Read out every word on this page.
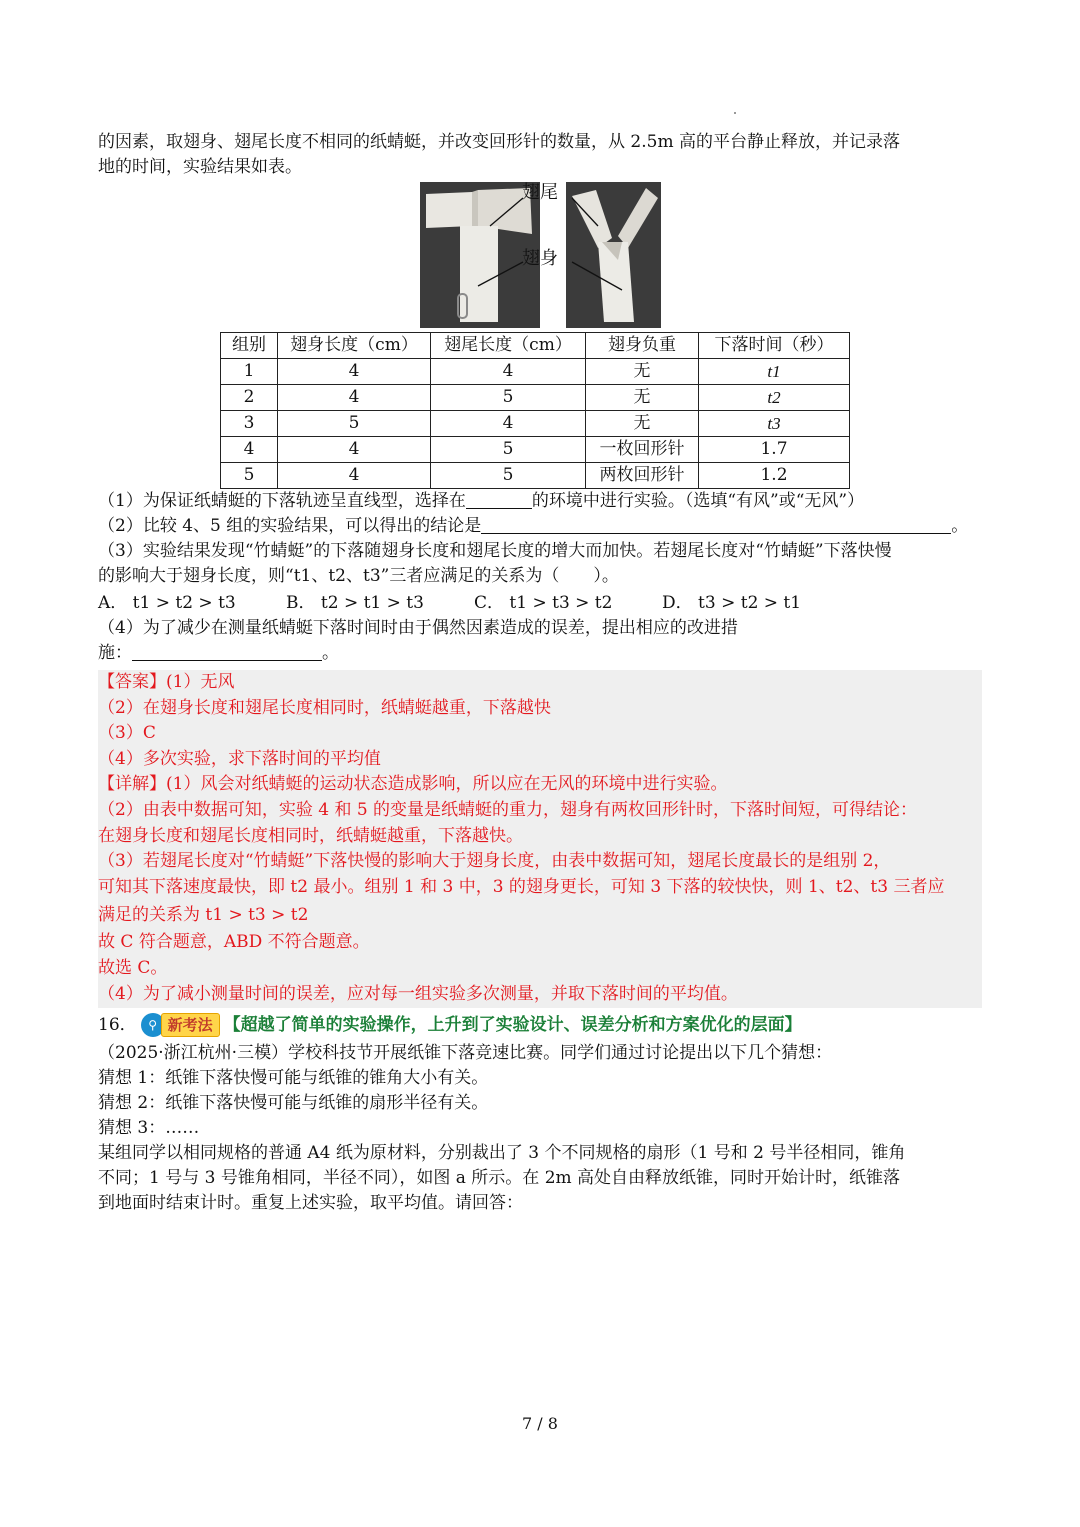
的因素，取翅身、翅尾长度不相同的纸蜻蜓，并改变回形针的数量，从 2.5m 高的平台静止释放，并记录落

地的时间，实验结果如表。

翅尾
翅身
组别	翅身长度（cm）	翅尾长度（cm）	翅身负重	下落时间（秒）
1	4	4	无	t1
2	4	5	无	t2
3	5	4	无	t3
4	4	5	一枚回形针	1.7
5	4	5	两枚回形针	1.2

（1）为保证纸蜻蜓的下落轨迹呈直线型，选择在	的环境中进行实验。（选填“有风”或“无风”）

（2）比较 4、5 组的实验结果，可以得出的结论是	。

（3）实验结果发现“竹蜻蜓”的下落随翅身长度和翅尾长度的增大而加快。若翅尾长度对“竹蜻蜓”下落快慢

的影响大于翅身长度，则“t1、t2、t3”三者应满足的关系为（　　）。

A． t1 > t2 > t3	B． t2 > t1 > t3	C． t1 > t3 > t2	D． t3 > t2 > t1

（4）为了减少在测量纸蜻蜓下落时间时由于偶然因素造成的误差，提出相应的改进措

施：	。

【答案】(1）无风

（2）在翅身长度和翅尾长度相同时，纸蜻蜓越重，下落越快

（3）C

（4）多次实验，求下落时间的平均值

【详解】(1）风会对纸蜻蜓的运动状态造成影响，所以应在无风的环境中进行实验。

（2）由表中数据可知，实验 4 和 5 的变量是纸蜻蜓的重力，翅身有两枚回形针时，下落时间短，可得结论：

在翅身长度和翅尾长度相同时，纸蜻蜓越重，下落越快。

（3）若翅尾长度对“竹蜻蜓”下落快慢的影响大于翅身长度，由表中数据可知，翅尾长度最长的是组别 2，

可知其下落速度最快，即 t2 最小。组别 1 和 3 中，3 的翅身更长，可知 3 下落的较快快，则 1、t2、t3 三者应

满足的关系为 t1 > t3 > t2

故 C 符合题意，ABD 不符合题意。

故选 C。

（4）为了减小测量时间的误差，应对每一组实验多次测量，并取下落时间的平均值。

16． ⚲ 新考法 【超越了简单的实验操作，上升到了实验设计、误差分析和方案优化的层面】

（2025·浙江杭州·三模）学校科技节开展纸锥下落竞速比赛。同学们通过讨论提出以下几个猜想：

猜想 1：纸锥下落快慢可能与纸锥的锥角大小有关。

猜想 2：纸锥下落快慢可能与纸锥的扇形半径有关。

猜想 3：……

某组同学以相同规格的普通 A4 纸为原材料，分别裁出了 3 个不同规格的扇形（1 号和 2 号半径相同，锥角

不同；1 号与 3 号锥角相同，半径不同），如图 a 所示。在 2m 高处自由释放纸锥，同时开始计时，纸锥落

到地面时结束计时。重复上述实验，取平均值。请回答：

7 / 8
